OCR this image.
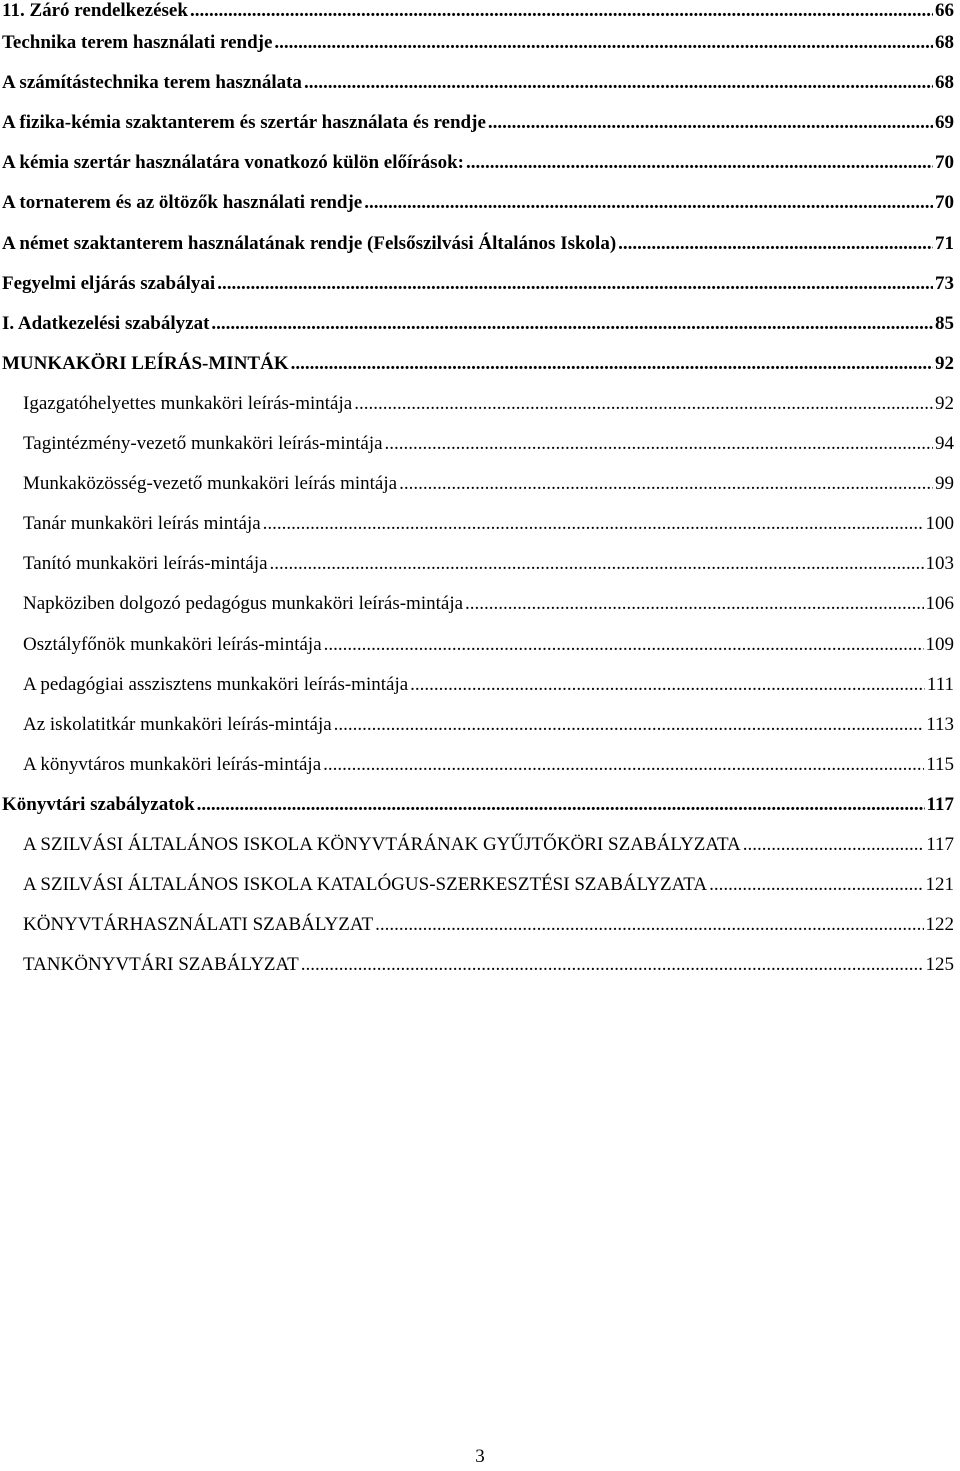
11. Záró rendelkezések .....	66
Technika terem használati rendje .....	68
A számítástechnika terem használata .....	68
A fizika-kémia szaktanterem és szertár használata és rendje .....	69
A kémia szertár használatára vonatkozó külön előírások: .....	70
A tornaterem és az öltözők használati rendje .....	70
A német szaktanterem használatának rendje (Felsőszilvási Általános Iskola) .....	71
Fegyelmi eljárás szabályai .....	73
I. Adatkezelési szabályzat .....	85
MUNKAKÖRI LEÍRÁS-MINTÁK .....	92
Igazgatóhelyettes munkaköri leírás-mintája .....	92
Tagintézmény-vezető munkaköri leírás-mintája .....	94
Munkaközösség-vezető munkaköri leírás mintája .....	99
Tanár munkaköri leírás mintája .....	100
Tanító munkaköri leírás-mintája .....	103
Napköziben dolgozó pedagógus munkaköri leírás-mintája .....	106
Osztályfőnök munkaköri leírás-mintája .....	109
A pedagógiai asszisztens munkaköri leírás-mintája .....	111
Az iskolatitkár munkaköri leírás-mintája .....	113
A könyvtáros munkaköri leírás-mintája .....	115
Könyvtári szabályzatok .....	117
A SZILVÁSI ÁLTALÁNOS ISKOLA KÖNYVTÁRÁNAK GYŰJTŐKÖRI SZABÁLYZATA .....	117
A SZILVÁSI ÁLTALÁNOS ISKOLA KATALÓGUS-SZERKESZTÉSI SZABÁLYZATA .....	121
KÖNYVTÁRHASZNÁLATI SZABÁLYZAT .....	122
TANKÖNYVTÁRI SZABÁLYZAT .....	125
3
